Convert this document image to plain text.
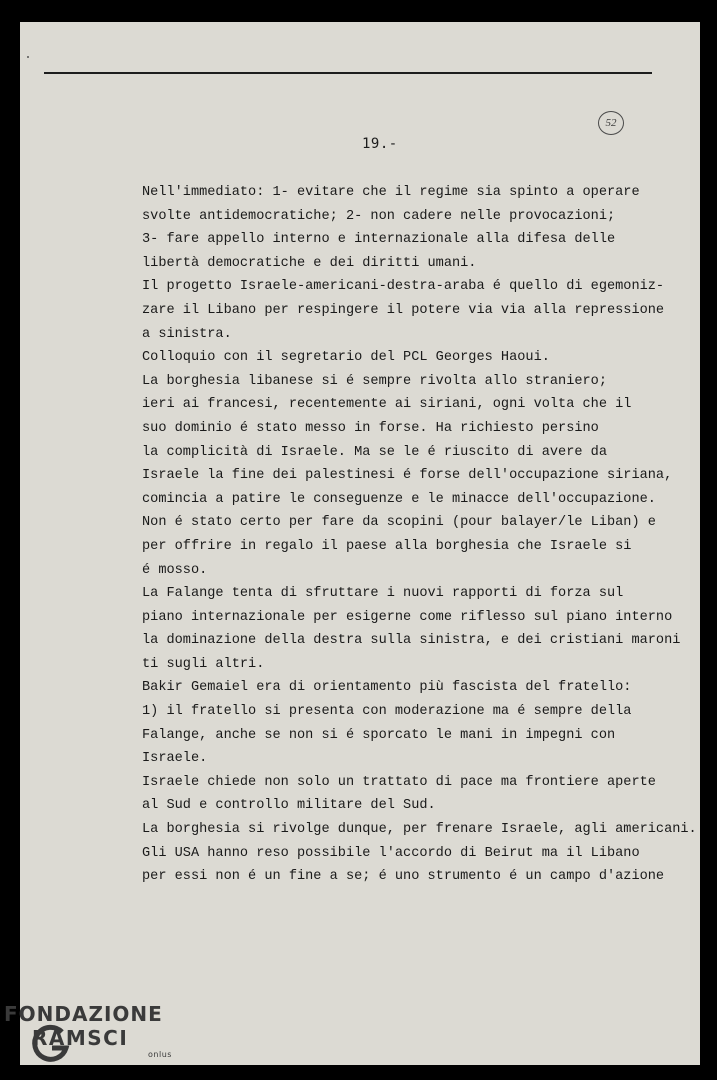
19.-
52
Nell'immediato: 1- evitare che il regime sia spinto a operare
svolte antidemocratiche; 2- non cadere nelle provocazioni;
3- fare appello interno e internazionale alla difesa delle
libertà democratiche e dei diritti umani.
Il progetto Israele-americani-destra-araba é quello di egemoniz-
zare il Libano per respingere il potere via via alla repressione
a sinistra.
Colloquio con il segretario del PCL Georges Haoui.
La borghesia libanese si é sempre rivolta allo straniero;
ieri ai francesi, recentemente ai siriani, ogni volta che il
suo dominio é stato messo in forse. Ha richiesto persino
la complicità di Israele. Ma se le é riuscito di avere da
Israele la fine dei palestinesi é forse dell'occupazione siriana,
comincia a patire le conseguenze e le minacce dell'occupazione.
Non é stato certo per fare da scopini (pour balayer/le Liban) e
per offrire in regalo il paese alla borghesia che Israele si
é mosso.
La Falange tenta di sfruttare i nuovi rapporti di forza sul
piano internazionale per esigerne come riflesso sul piano interno
la dominazione della destra sulla sinistra, e dei cristiani maroni
ti sugli altri.
Bakir Gemaiel era di orientamento più fascista del fratello:
1) il fratello si presenta con moderazione ma é sempre della
Falange, anche se non si é sporcato le mani in impegni con
Israele.
Israele chiede non solo un trattato di pace ma frontiere aperte
al Sud e controllo militare del Sud.
La borghesia si rivolge dunque, per frenare Israele, agli americani.
Gli USA hanno reso possibile l'accordo di Beirut ma il Libano
per essi non é un fine a se; é uno strumento é un campo d'azione
FONDAZIONE
RAMSCI
onlus
